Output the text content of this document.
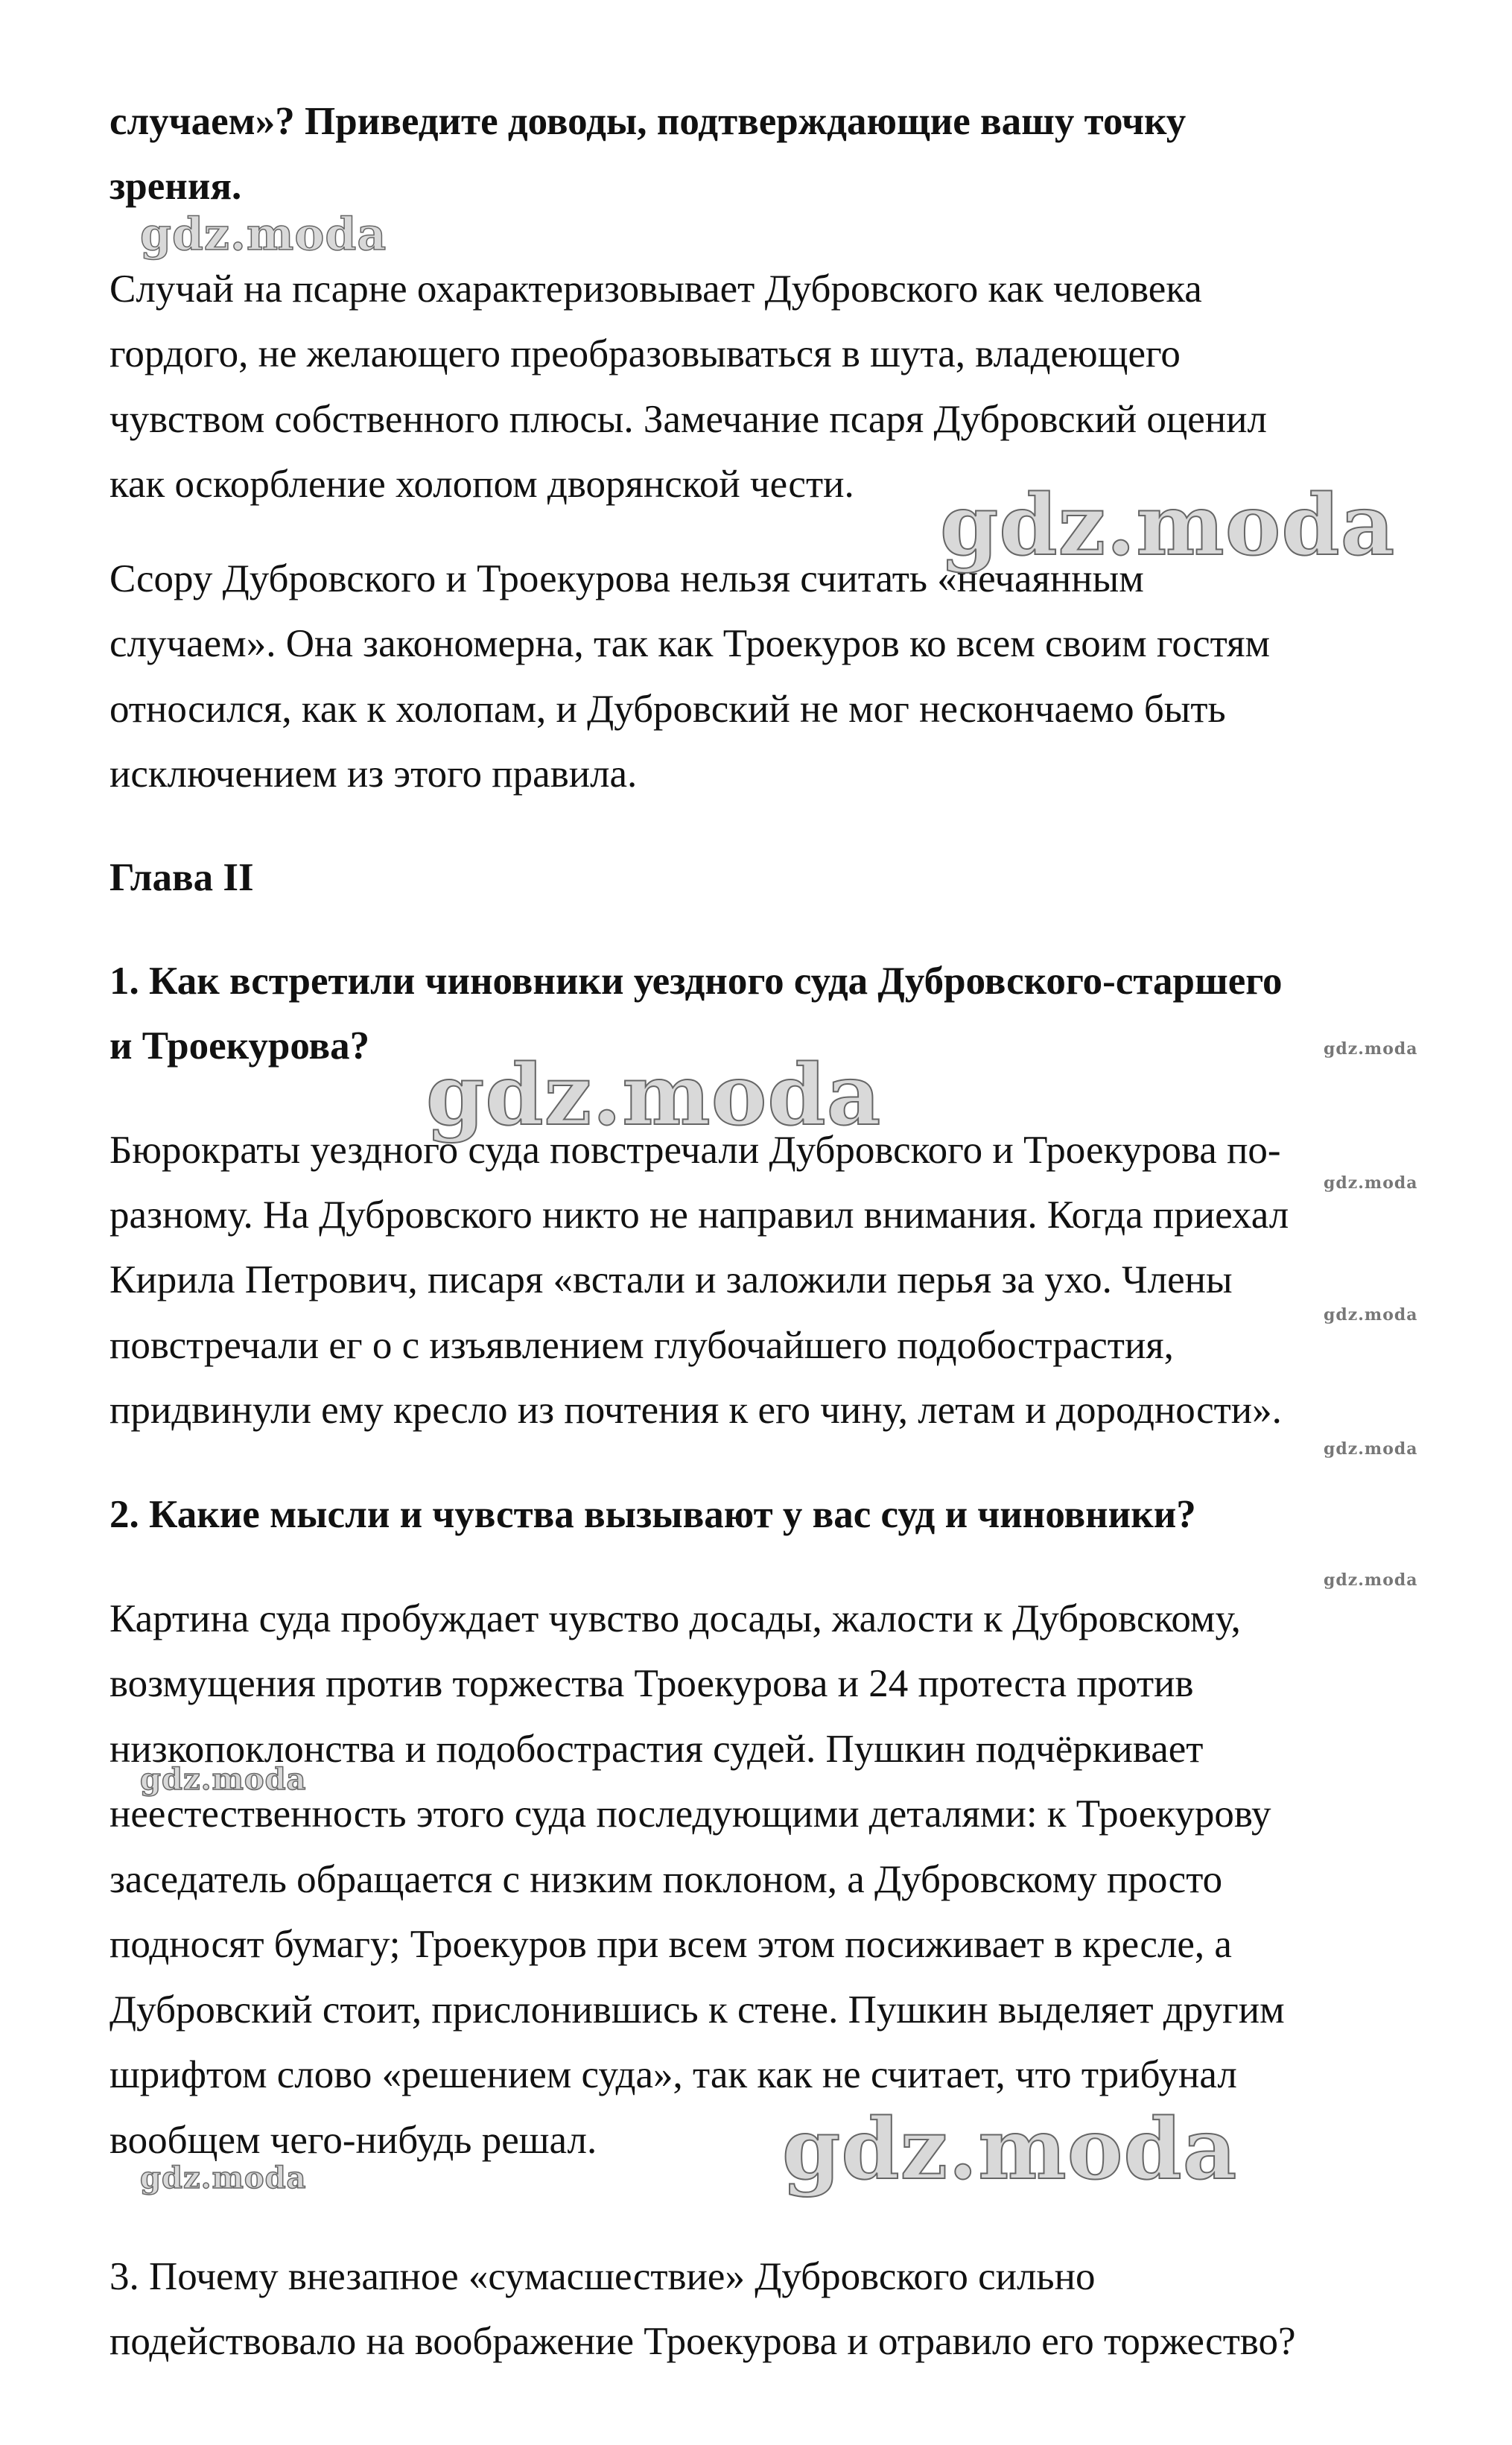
случаем»? Приведите доводы, подтверждающие вашу точку
зрения.
Случай на псарне охарактеризовывает Дубровского как человека
гордого, не желающего преобразовываться в шута, владеющего
чувством собственного плюсы. Замечание псаря Дубровский оценил
как оскорбление холопом дворянской чести.
Ссору Дубровского и Троекурова нельзя считать «нечаянным
случаем». Она закономерна, так как Троекуров ко всем своим гостям
относился, как к холопам, и Дубровский не мог нескончаемо быть
исключением из этого правила.
Глава II
1. Как встретили чиновники уездного суда Дубровского-старшего
и Троекурова?
Бюрократы уездного суда повстречали Дубровского и Троекурова по-
разному. На Дубровского никто не направил внимания. Когда приехал
Кирила Петрович, писаря «встали и заложили перья за ухо. Члены
повстречали ег о с изъявлением глубочайшего подобострастия,
придвинули ему кресло из почтения к его чину, летам и дородности».
2. Какие мысли и чувства вызывают у вас суд и чиновники?
Картина суда пробуждает чувство досады, жалости к Дубровскому,
возмущения против торжества Троекурова и 24 протеста против
низкопоклонства и подобострастия судей. Пушкин подчёркивает
неестественность этого суда последующими деталями: к Троекурову
заседатель обращается с низким поклоном, а Дубровскому просто
подносят бумагу; Троекуров при всем этом посиживает в кресле, а
Дубровский стоит, прислонившись к стене. Пушкин выделяет другим
шрифтом слово «решением суда», так как не считает, что трибунал
вообщем чего-нибудь решал.
3. Почему внезапное «сумасшествие» Дубровского сильно
подействовало на воображение Троекурова и отравило его торжество?
gdz.moda
gdz.moda
gdz.moda	gdz.moda
gdz.moda
gdz.moda
gdz.moda
gdz.moda
gdz.moda
gdz.moda
gdz.moda
